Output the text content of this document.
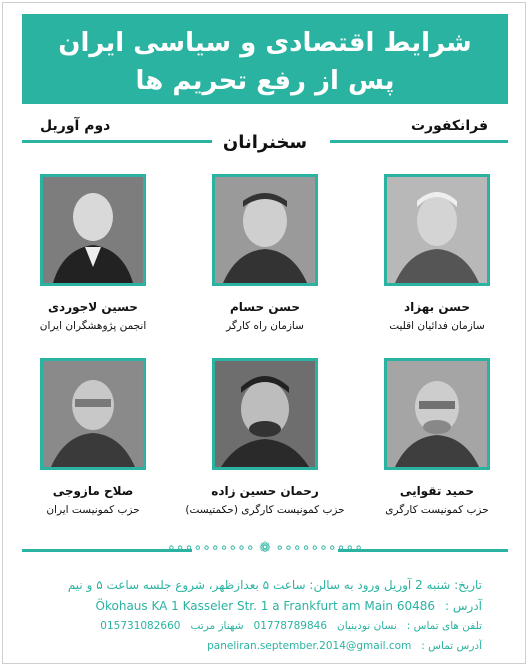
شرایط اقتصادی و سیاسی ایران
پس از رفع تحریم ها
فرانکفورت
دوم آوریل
سخنرانان
حسین لاجوردی
انجمن پژوهشگران ایران
حسن حسام
سازمان راه کارگر
حسن بهزاد
سازمان فدائیان اقلیت
صلاح مازوجی
حزب کمونیست ایران
رحمان حسین زاده
حزب کمونیست کارگری (حکمتیست)
حمید تقوایی
حزب کمونیست کارگری
∘∘∘∘∘∘∘∘∘∘ ❁ ∘∘∘∘∘∘∘∘∘∘
تاریخ: شنبه 2 آوریل ورود به سالن: ساعت ۵ بعدازظهر، شروع جلسه ساعت ۵ و نیم
آدرس :Ökohaus KA 1 Kasseler Str. 1 a Frankfurt am Main 60486
تلفن های تماس :نسان نودینیان01778789846شهناز مرتب015731082660
آدرس تماس :paneliran.september.2014@gmail.com
